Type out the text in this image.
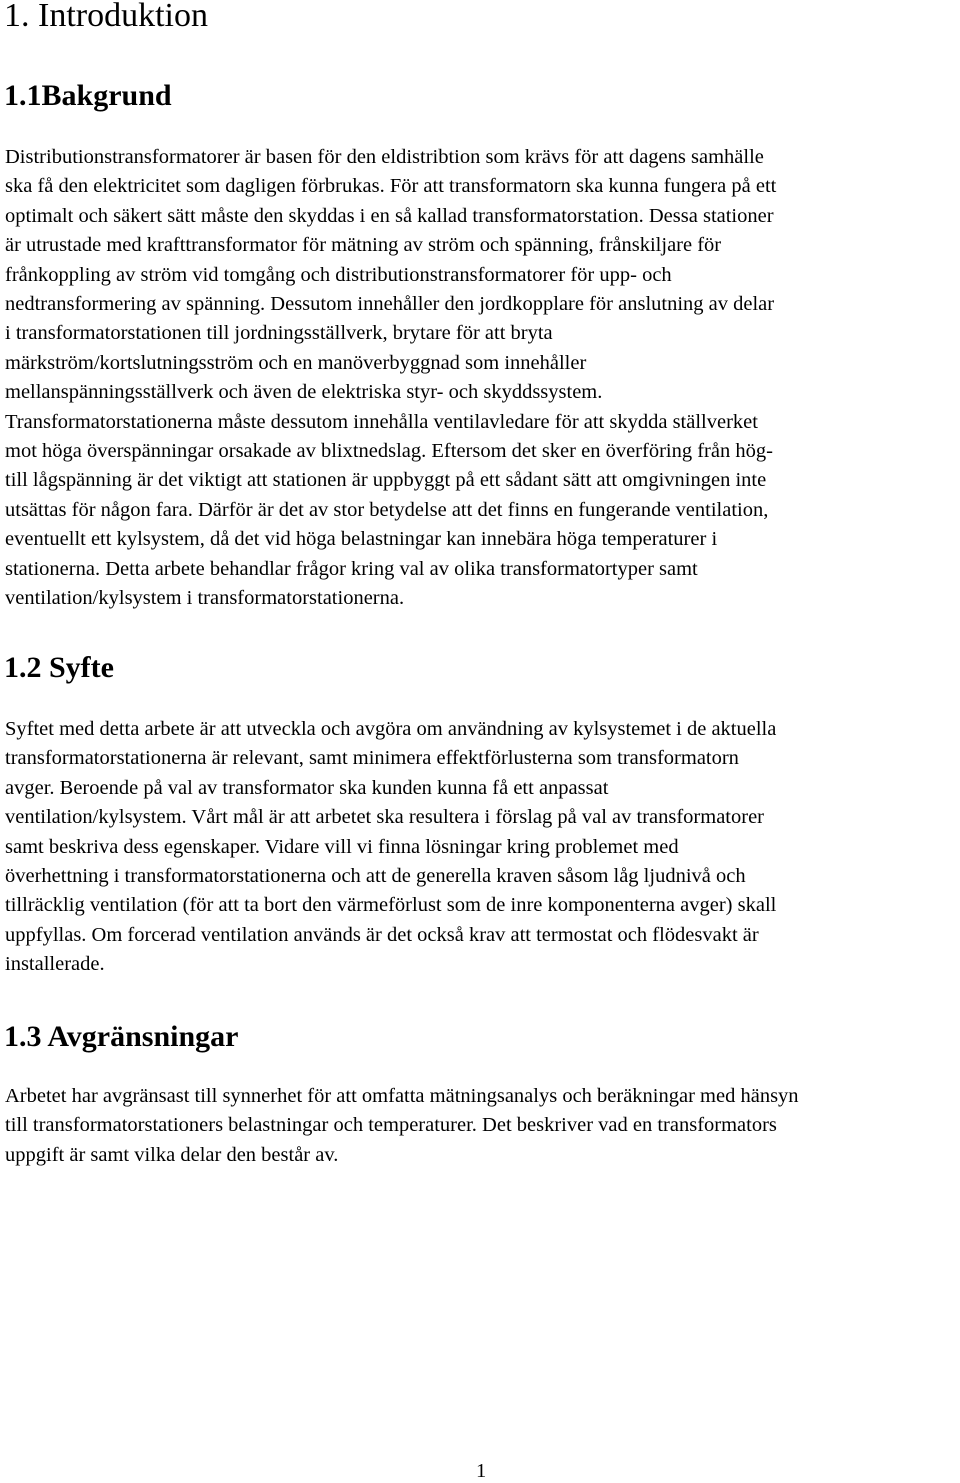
1. Introduktion
1.1Bakgrund

Distributionstransformatorer är basen för den eldistribtion som krävs för att dagens samhälle
ska få den elektricitet som dagligen förbrukas. För att transformatorn ska kunna fungera på ett
optimalt och säkert sätt måste den skyddas i en så kallad transformatorstation. Dessa stationer
är utrustade med krafttransformator för mätning av ström och spänning, frånskiljare för
frånkoppling av ström vid tomgång och distributionstransformatorer för upp- och
nedtransformering av spänning. Dessutom innehåller den jordkopplare för anslutning av delar
i transformatorstationen till jordningsställverk, brytare för att bryta
märkström/kortslutningsström och en manöverbyggnad som innehåller
mellanspänningsställverk och även de elektriska styr- och skyddssystem.
Transformatorstationerna måste dessutom innehålla ventilavledare för att skydda ställverket
mot höga överspänningar orsakade av blixtnedslag. Eftersom det sker en överföring från hög-
till lågspänning är det viktigt att stationen är uppbyggt på ett sådant sätt att omgivningen inte
utsättas för någon fara. Därför är det av stor betydelse att det finns en fungerande ventilation,
eventuellt ett kylsystem, då det vid höga belastningar kan innebära höga temperaturer i
stationerna. Detta arbete behandlar frågor kring val av olika transformatortyper samt
ventilation/kylsystem i transformatorstationerna.

1.2 Syfte

Syftet med detta arbete är att utveckla och avgöra om användning av kylsystemet i de aktuella
transformatorstationerna är relevant, samt minimera effektförlusterna som transformatorn
avger. Beroende på val av transformator ska kunden kunna få ett anpassat
ventilation/kylsystem. Vårt mål är att arbetet ska resultera i förslag på val av transformatorer
samt beskriva dess egenskaper. Vidare vill vi finna lösningar kring problemet med
överhettning i transformatorstationerna och att de generella kraven såsom låg ljudnivå och
tillräcklig ventilation (för att ta bort den värmeförlust som de inre komponenterna avger) skall
uppfyllas. Om forcerad ventilation används är det också krav att termostat och flödesvakt är
installerade.

1.3 Avgränsningar

Arbetet har avgränsast till synnerhet för att omfatta mätningsanalys och beräkningar med hänsyn
till transformatorstationers belastningar och temperaturer. Det beskriver vad en transformators
uppgift är samt vilka delar den består av.

1
